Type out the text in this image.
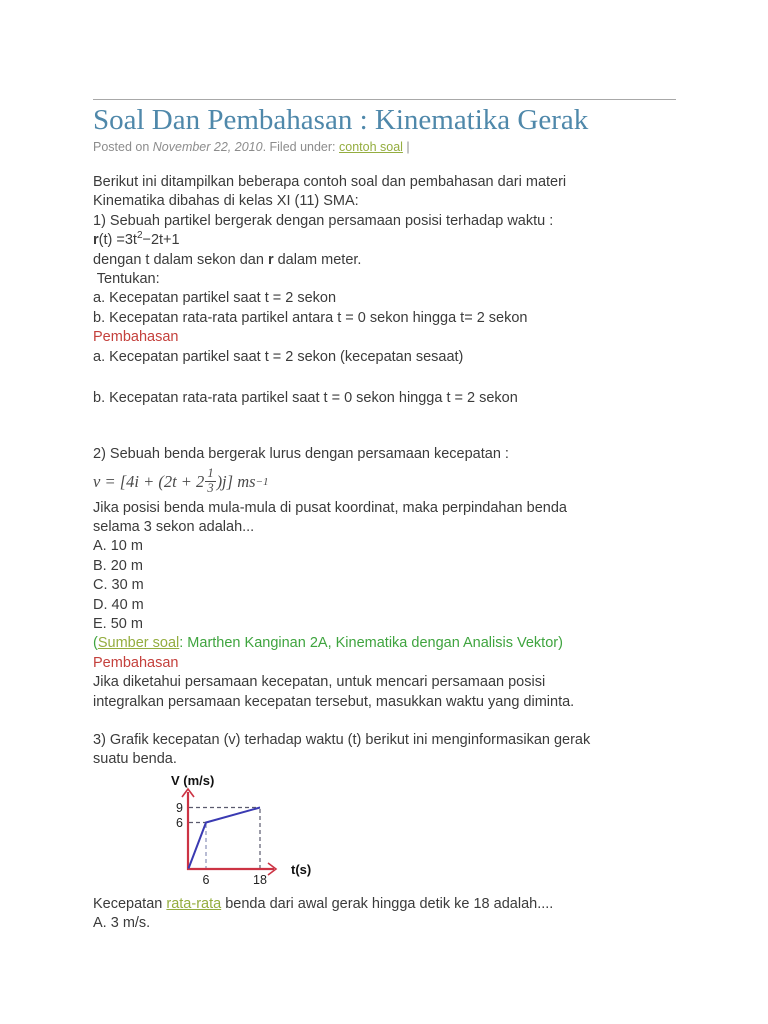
Soal Dan Pembahasan : Kinematika Gerak
Posted on November 22, 2010. Filed under: contoh soal |
Berikut ini ditampilkan beberapa contoh soal dan pembahasan dari materi
Kinematika dibahas di kelas XI (11) SMA:
1) Sebuah partikel bergerak dengan persamaan posisi terhadap waktu :
$r(t) =3t^2-2t+1$
dengan t dalam sekon dan r dalam meter.
Tentukan:
a. Kecepatan partikel saat t = 2 sekon
b. Kecepatan rata-rata partikel antara t = 0 sekon hingga t= 2 sekon
Pembahasan
a. Kecepatan partikel saat t = 2 sekon (kecepatan sesaat)
b. Kecepatan rata-rata partikel saat t = 0 sekon hingga t = 2 sekon
2) Sebuah benda bergerak lurus dengan persamaan kecepatan :
$v = [4i + (2t + 2 \frac{1}{3} )j]$ ms −1
Jika posisi benda mula-mula di pusat koordinat, maka perpindahan benda
selama 3 sekon adalah...
A. 10 m
B. 20 m
C. 30 m
D. 40 m
E. 50 m
(Sumber soal: Marthen Kanginan 2A, Kinematika dengan Analisis Vektor)
Pembahasan
Jika diketahui persamaan kecepatan, untuk mencari persamaan posisi
integralkan persamaan kecepatan tersebut, masukkan waktu yang diminta.
3) Grafik kecepatan (v) terhadap waktu (t) berikut ini menginformasikan gerak
suatu benda.
V (m/s)
t(s)
9
6
6	18
Kecepatan rata-rata benda dari awal gerak hingga detik ke 18 adalah....
A. 3 m/s.
